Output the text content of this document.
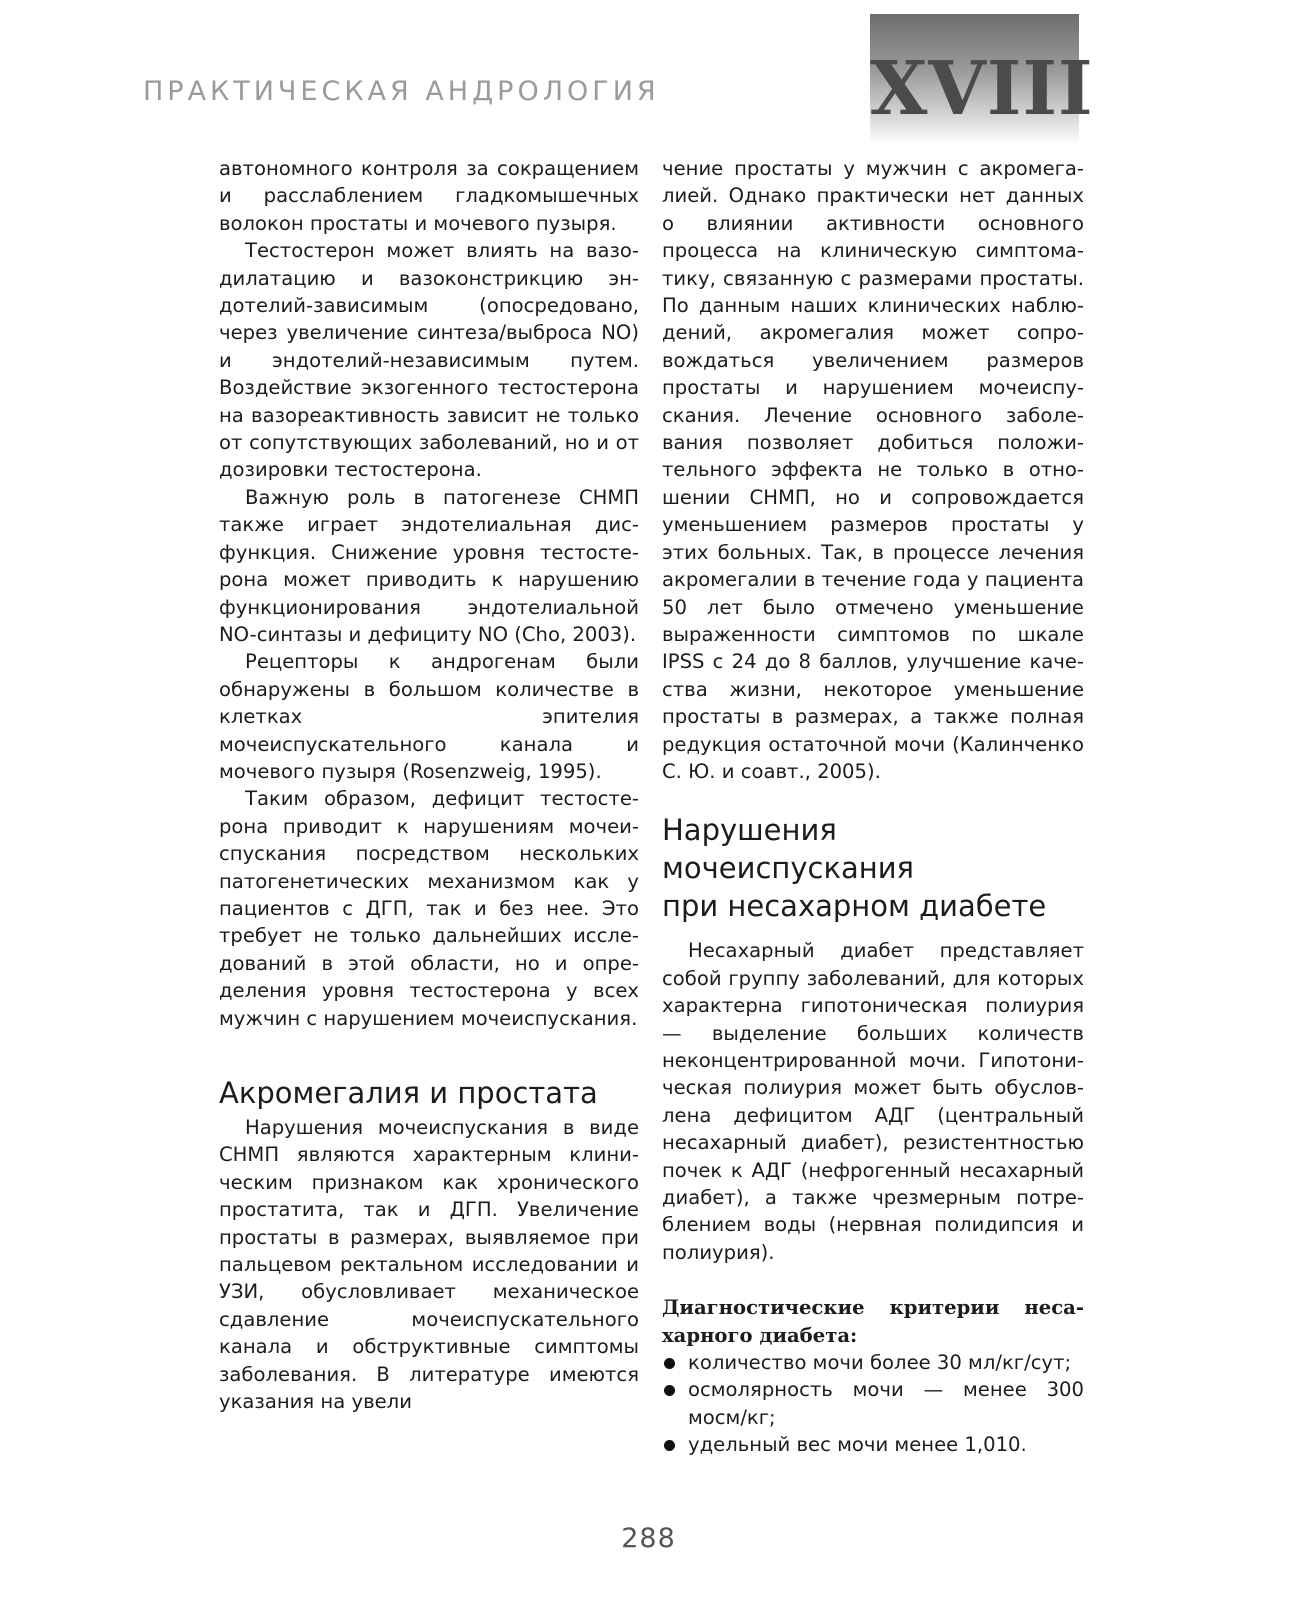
ПРАКТИЧЕСКАЯ АНДРОЛОГИЯ	XVIII

автономного контроля за сокращением и расслаблением гладкомышечных волокон простаты и мочевого пузыря.

Тестостерон может влиять на вазодилатацию и вазоконстрикцию эндотелий-зависимым (опосредовано, через увеличение синтеза/выброса NO) и эндотелий-независимым путем. Воздействие экзогенного тестостерона на вазореактивность зависит не только от сопутствующих заболеваний, но и от дозировки тестостерона.

Важную роль в патогенезе СНМП также играет эндотелиальная дисфункция. Снижение уровня тестостерона может приводить к нарушению функционирования эндотелиальной NO-синтазы и дефициту NO (Cho, 2003).

Рецепторы к андрогенам были обнаружены в большом количестве в клетках эпителия мочеиспускательного канала и мочевого пузыря (Rosenzweig, 1995).

Таким образом, дефицит тестостерона приводит к нарушениям мочеиспускания посредством нескольких патогенетических механизмом как у пациентов с ДГП, так и без нее. Это требует не только дальнейших исследований в этой области, но и определения уровня тестостерона у всех мужчин с нарушением мочеиспускания.

Акромегалия и простата

Нарушения мочеиспускания в виде СНМП являются характерным клиническим признаком как хронического простатита, так и ДГП. Увеличение простаты в размерах, выявляемое при пальцевом ректальном исследовании и УЗИ, обусловливает механическое сдавление мочеиспускательного канала и обструктивные симптомы заболевания. В литературе имеются указания на увели

чение простаты у мужчин с акромегалией. Однако практически нет данных о влиянии активности основного процесса на клиническую симптоматику, связанную с размерами простаты. По данным наших клинических наблюдений, акромегалия может сопровождаться увеличением размеров простаты и нарушением мочеиспускания. Лечение основного заболевания позволяет добиться положительного эффекта не только в отношении СНМП, но и сопровождается уменьшением размеров простаты у этих больных. Так, в процессе лечения акромегалии в течение года у пациента 50 лет было отмечено уменьшение выраженности симптомов по шкале IPSS с 24 до 8 баллов, улучшение качества жизни, некоторое уменьшение простаты в размерах, а также полная редукция остаточной мочи (Калинченко С. Ю. и соавт., 2005).

Нарушения
мочеиспускания
при несахарном диабете

Несахарный диабет представляет собой группу заболеваний, для которых характерна гипотоническая полиурия — выделение больших количеств неконцентрированной мочи. Гипотоническая полиурия может быть обусловлена дефицитом АДГ (центральный несахарный диабет), резистентностью почек к АДГ (нефрогенный несахарный диабет), а также чрезмерным потреблением воды (нервная полидипсия и полиурия).

Диагностические критерии несахарного диабета:
количество мочи более 30 мл/кг/сут;
осмолярность мочи — менее 300 мосм/кг;
удельный вес мочи менее 1,010.
288
